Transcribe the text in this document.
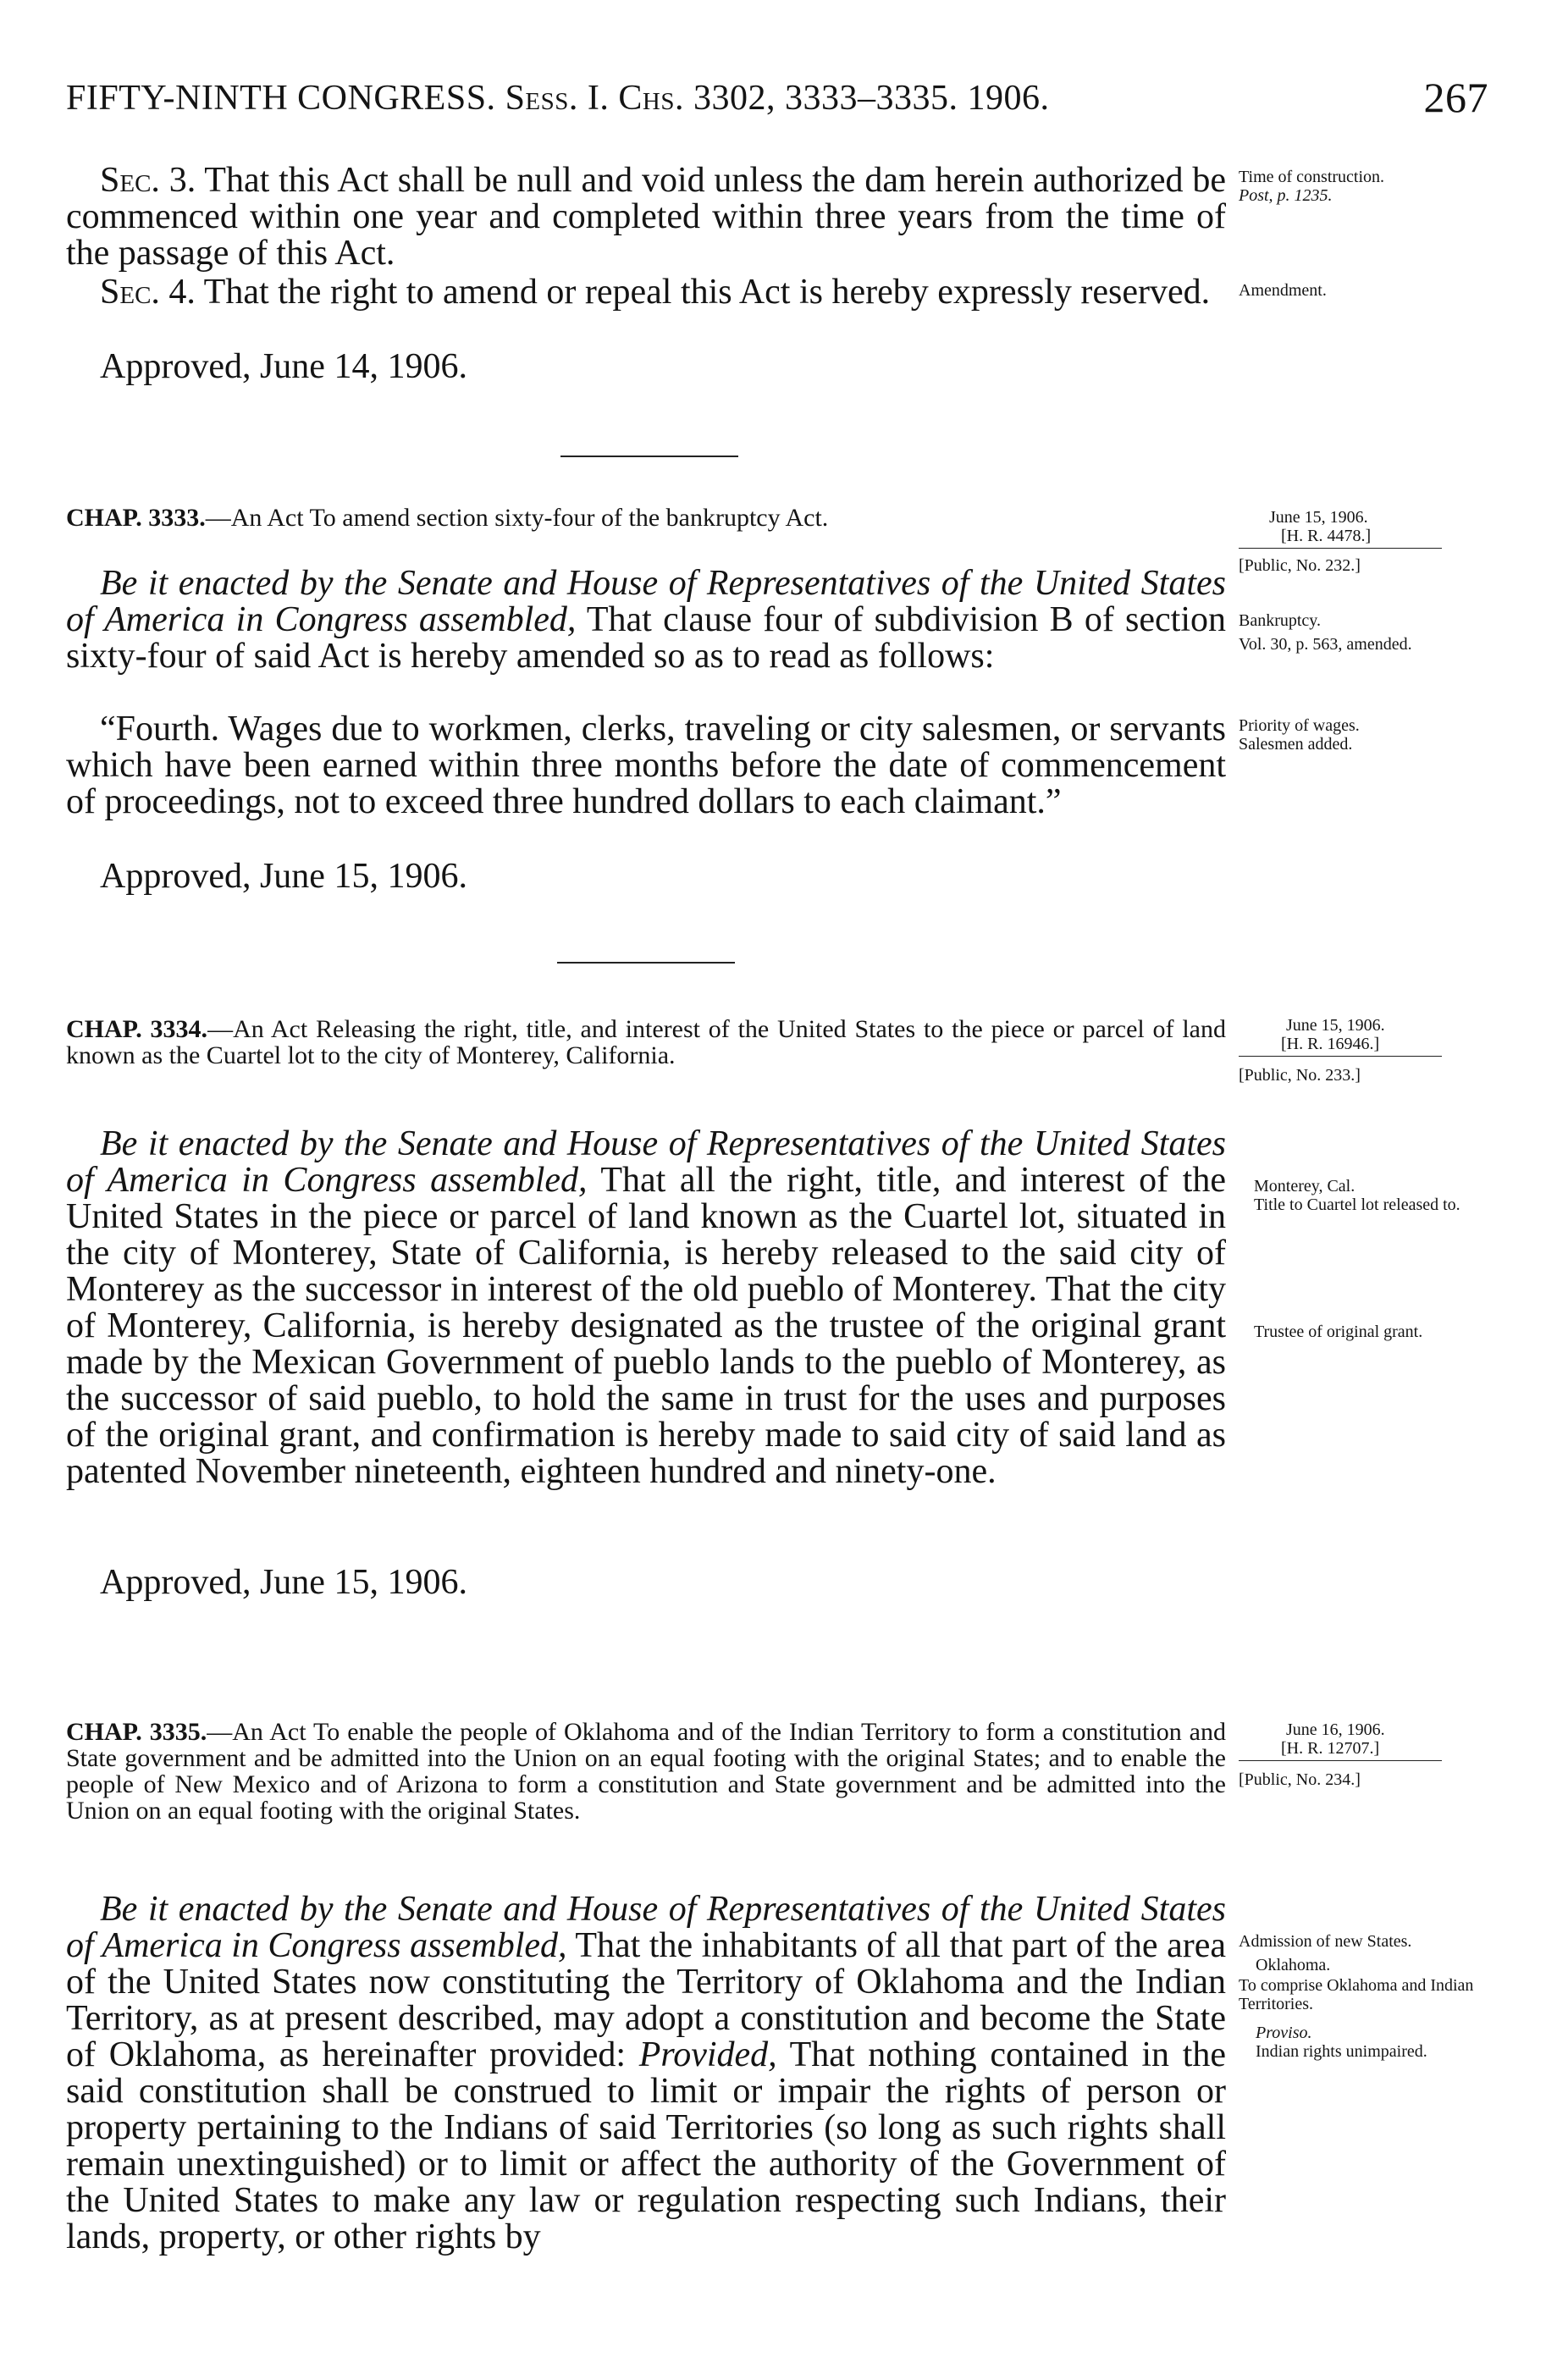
FIFTY-NINTH CONGRESS. Sess. I. Chs. 3302, 3333–3335. 1906.	267
Sec. 3. That this Act shall be null and void unless the dam herein authorized be commenced within one year and completed within three years from the time of the passage of this Act.
Time of construction.
Post, p. 1235.
Sec. 4. That the right to amend or repeal this Act is hereby expressly reserved.	Amendment.
Approved, June 14, 1906.
CHAP. 3333.—An Act To amend section sixty-four of the bankruptcy Act.	June 15, 1906.
[H. R. 4478.]
[Public, No. 232.]
Be it enacted by the Senate and House of Representatives of the United States of America in Congress assembled, That clause four of subdivision B of section sixty-four of said Act is hereby amended so as to read as follows:
“Fourth. Wages due to workmen, clerks, traveling or city salesmen, or servants which have been earned within three months before the date of commencement of proceedings, not to exceed three hundred dollars to each claimant.”
Bankruptcy.
Vol. 30, p. 563, amended.
Priority of wages.
Salesmen added.
Approved, June 15, 1906.
CHAP. 3334.—An Act Releasing the right, title, and interest of the United States to the piece or parcel of land known as the Cuartel lot to the city of Monterey, California.
June 15, 1906.
[H. R. 16946.]
[Public, No. 233.]
Be it enacted by the Senate and House of Representatives of the United States of America in Congress assembled, That all the right, title, and interest of the United States in the piece or parcel of land known as the Cuartel lot, situated in the city of Monterey, State of California, is hereby released to the said city of Monterey as the successor in interest of the old pueblo of Monterey. That the city of Monterey, California, is hereby designated as the trustee of the original grant made by the Mexican Government of pueblo lands to the pueblo of Monterey, as the successor of said pueblo, to hold the same in trust for the uses and purposes of the original grant, and confirmation is hereby made to said city of said land as patented November nineteenth, eighteen hundred and ninety-one.
Monterey, Cal.
Title to Cuartel lot released to.
Trustee of original grant.
Approved, June 15, 1906.
CHAP. 3335.—An Act To enable the people of Oklahoma and of the Indian Territory to form a constitution and State government and be admitted into the Union on an equal footing with the original States; and to enable the people of New Mexico and of Arizona to form a constitution and State government and be admitted into the Union on an equal footing with the original States.
June 16, 1906.
[H. R. 12707.]
[Public, No. 234.]
Be it enacted by the Senate and House of Representatives of the United States of America in Congress assembled, That the inhabitants of all that part of the area of the United States now constituting the Territory of Oklahoma and the Indian Territory, as at present described, may adopt a constitution and become the State of Oklahoma, as hereinafter provided: Provided, That nothing contained in the said constitution shall be construed to limit or impair the rights of person or property pertaining to the Indians of said Territories (so long as such rights shall remain unextinguished) or to limit or affect the authority of the Government of the United States to make any law or regulation respecting such Indians, their lands, property, or other rights by
Admission of new States.
Oklahoma.
To comprise Oklahoma and Indian Territories.
Proviso.
Indian rights unimpaired.
